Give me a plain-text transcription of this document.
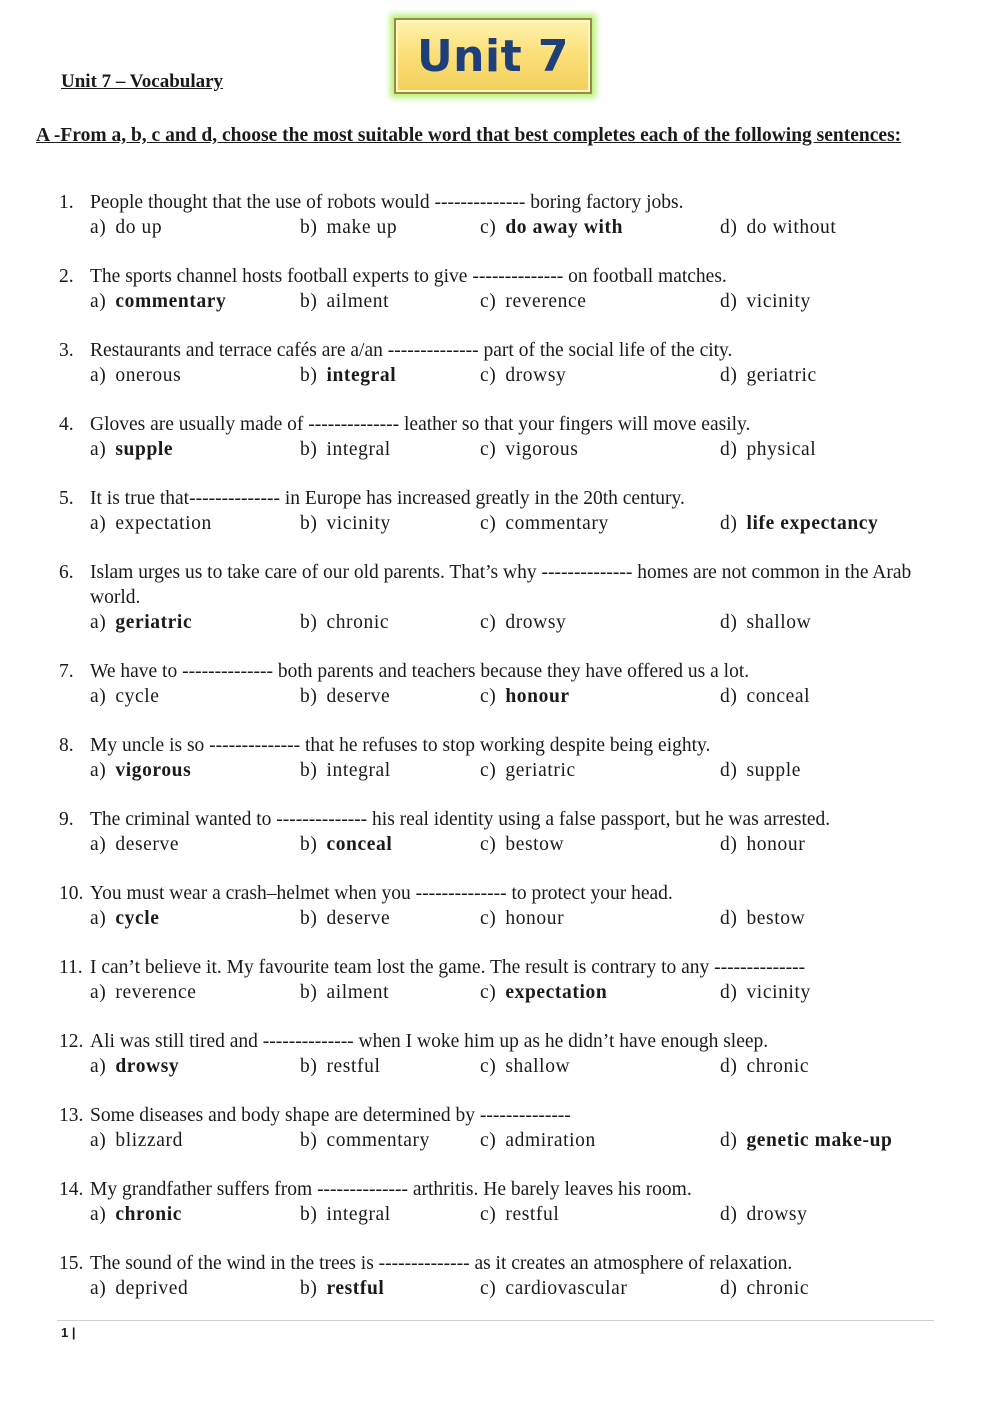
Unit 7
Unit 7 – Vocabulary
A -From a, b, c and d, choose the most suitable word that best completes each of the following sentences:
1. People thought that the use of robots would -------------- boring factory jobs.
a) do up	b) make up	c) do away with	d) do without
2. The sports channel hosts football experts to give -------------- on football matches.
a) commentary	b) ailment	c) reverence	d) vicinity
3. Restaurants and terrace cafés are a/an -------------- part of the social life of the city.
a) onerous	b) integral	c) drowsy	d) geriatric
4. Gloves are usually made of -------------- leather so that your fingers will move easily.
a) supple	b) integral	c) vigorous	d) physical
5. It is true that-------------- in Europe has increased greatly in the 20th century.
a) expectation	b) vicinity	c) commentary	d) life expectancy
6. Islam urges us to take care of our old parents. That’s why -------------- homes are not common in the Arab world.
a) geriatric	b) chronic	c) drowsy	d) shallow
7. We have to -------------- both parents and teachers because they have offered us a lot.
a) cycle	b) deserve	c) honour	d) conceal
8. My uncle is so -------------- that he refuses to stop working despite being eighty.
a) vigorous	b) integral	c) geriatric	d) supple
9. The criminal wanted to -------------- his real identity using a false passport, but he was arrested.
a) deserve	b) conceal	c) bestow	d) honour
10. You must wear a crash–helmet when you -------------- to protect your head.
a) cycle	b) deserve	c) honour	d) bestow
11. I can’t believe it. My favourite team lost the game. The result is contrary to any --------------
a) reverence	b) ailment	c) expectation	d) vicinity
12. Ali was still tired and -------------- when I woke him up as he didn’t have enough sleep.
a) drowsy	b) restful	c) shallow	d) chronic
13. Some diseases and body shape are determined by --------------
a) blizzard	b) commentary	c) admiration	d) genetic make-up
14. My grandfather suffers from -------------- arthritis. He barely leaves his room.
a) chronic	b) integral	c) restful	d) drowsy
15. The sound of the wind in the trees is -------------- as it creates an atmosphere of relaxation.
a) deprived	b) restful	c) cardiovascular	d) chronic
1 |
